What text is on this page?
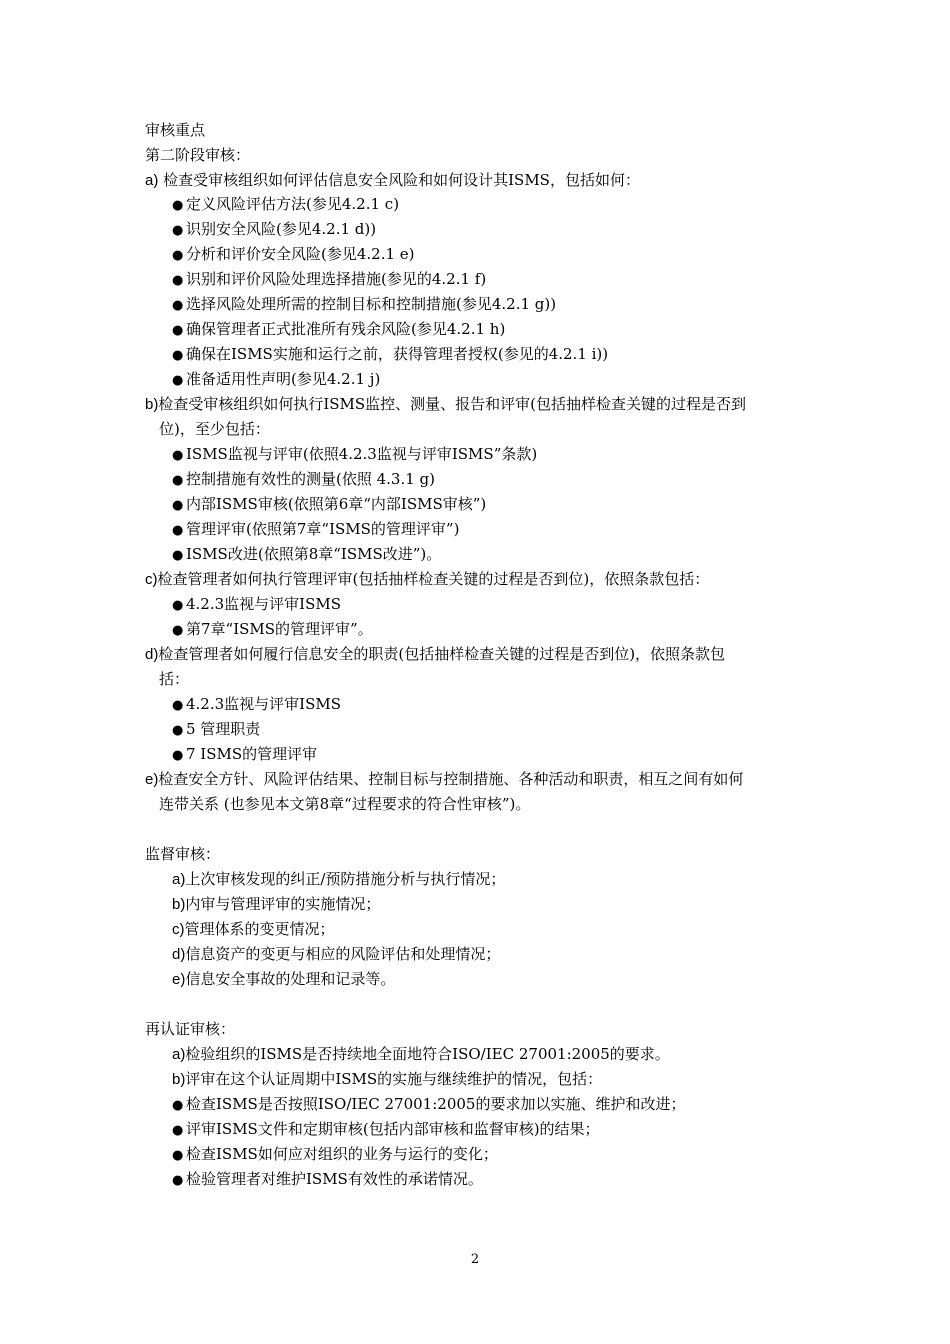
审核重点
第二阶段审核：
a) 检查受审核组织如何评估信息安全风险和如何设计其ISMS，包括如何：
● 定义风险评估方法(参见4.2.1 c)
● 识别安全风险(参见4.2.1 d))
● 分析和评价安全风险(参见4.2.1 e)
● 识别和评价风险处理选择措施(参见的4.2.1 f)
● 选择风险处理所需的控制目标和控制措施(参见4.2.1 g))
● 确保管理者正式批准所有残余风险(参见4.2.1 h)
● 确保在ISMS实施和运行之前，获得管理者授权(参见的4.2.1 i))
● 准备适用性声明(参见4.2.1 j)
b)检查受审核组织如何执行ISMS监控、测量、报告和评审(包括抽样检查关键的过程是否到
位)，至少包括：
● ISMS监视与评审(依照4.2.3监视与评审ISMS”条款)
● 控制措施有效性的测量(依照 4.3.1 g)
● 内部ISMS审核(依照第6章“内部ISMS审核”)
● 管理评审(依照第7章“ISMS的管理评审”)
● ISMS改进(依照第8章“ISMS改进”)。
c)检查管理者如何执行管理评审(包括抽样检查关键的过程是否到位)，依照条款包括：
● 4.2.3监视与评审ISMS
● 第7章“ISMS的管理评审”。
d)检查管理者如何履行信息安全的职责(包括抽样检查关键的过程是否到位)，依照条款包
括：
● 4.2.3监视与评审ISMS
● 5 管理职责
● 7 ISMS的管理评审
e)检查安全方针、风险评估结果、控制目标与控制措施、各种活动和职责，相互之间有如何
连带关系 (也参见本文第8章“过程要求的符合性审核”)。
监督审核：
a)上次审核发现的纠正/预防措施分析与执行情况；
b)内审与管理评审的实施情况；
c)管理体系的变更情况；
d)信息资产的变更与相应的风险评估和处理情况；
e)信息安全事故的处理和记录等。
再认证审核：
a)检验组织的ISMS是否持续地全面地符合ISO/IEC 27001:2005的要求。
b)评审在这个认证周期中ISMS的实施与继续维护的情况，包括：
● 检查ISMS是否按照ISO/IEC 27001:2005的要求加以实施、维护和改进；
● 评审ISMS文件和定期审核(包括内部审核和监督审核)的结果；
● 检查ISMS如何应对组织的业务与运行的变化；
● 检验管理者对维护ISMS有效性的承诺情况。
2
